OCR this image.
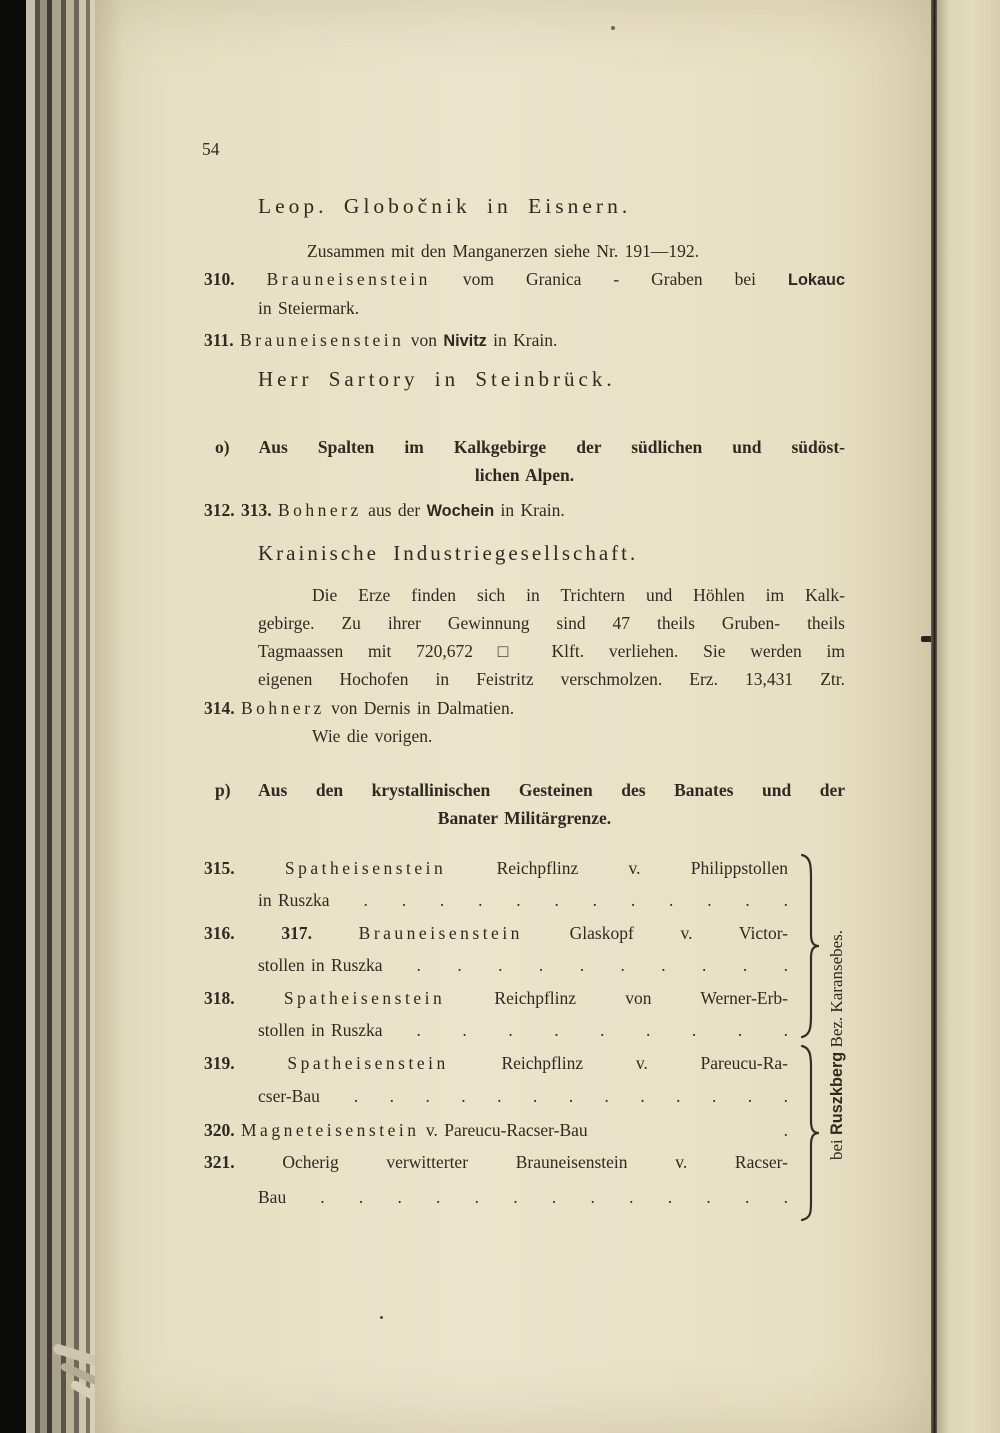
54
Leop. Globočnik in Eisnern.
Zusammen mit den Manganerzen siehe Nr. 191—192.
310. Brauneisenstein vom Granica - Graben bei Lokauc
in Steiermark.
311. Brauneisenstein von Nivitz in Krain.
Herr Sartory in Steinbrück.
o) Aus Spalten im Kalkgebirge der südlichen und südöst-
lichen Alpen.
312. 313. Bohnerz aus der Wochein in Krain.
Krainische Industriegesellschaft.
Die Erze finden sich in Trichtern und Höhlen im Kalk-
gebirge. Zu ihrer Gewinnung sind 47 theils Gruben- theils
Tagmaassen mit 720,672 □ Klft. verliehen. Sie werden im
eigenen Hochofen in Feistritz verschmolzen. Erz. 13,431 Ztr.
314. Bohnerz von Dernis in Dalmatien.
Wie die vorigen.
p) Aus den krystallinischen Gesteinen des Banates und der
Banater Militärgrenze.
315.	Spatheisenstein	Reichpflinz v. Philippstollen
in Ruszka . . . . . . . . . . . .
316. 317.	Brauneisenstein	Glaskopf v. Victor-
stollen in Ruszka . . . . . . . . . .
318.	Spatheisenstein	Reichpflinz von Werner-Erb-
stollen in Ruszka . . . . . . . . .
319.	Spatheisenstein	Reichpflinz v. Pareucu-Ra-
cser-Bau . . . . . . . . . . . . .
320. Magneteisenstein v. Pareucu-Racser-Bau	.
321.	Ocherig	verwitterter Brauneisenstein v. Racser-
Bau . . . . . . . . . . . . .
bei Ruszkberg Bez. Karansebes.
